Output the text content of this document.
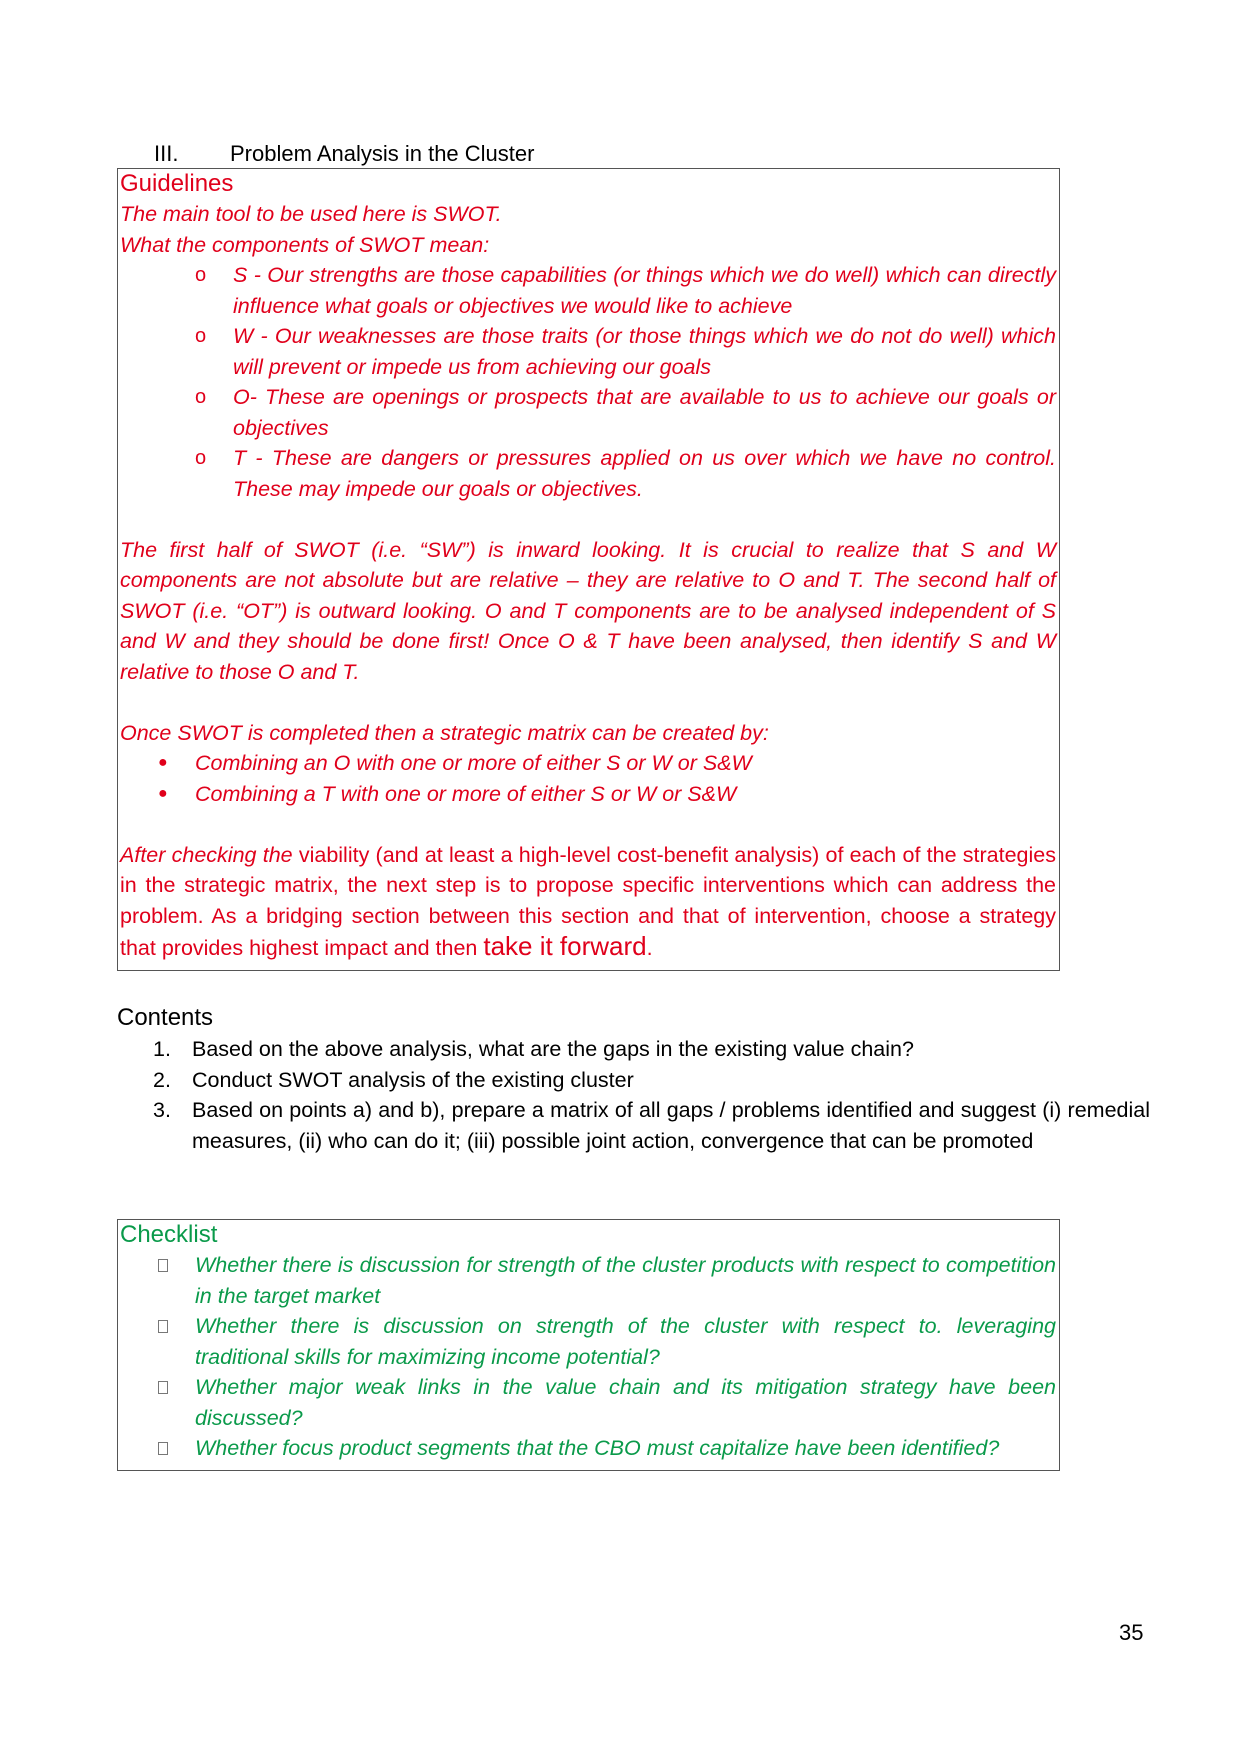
III. Problem Analysis in the Cluster
Guidelines
The main tool to be used here is SWOT.
What the components of SWOT mean:
o S - Our strengths are those capabilities (or things which we do well) which can directly influence what goals or objectives we would like to achieve
o W - Our weaknesses are those traits (or those things which we do not do well) which will prevent or impede us from achieving our goals
o O- These are openings or prospects that are available to us to achieve our goals or objectives
o T - These are dangers or pressures applied on us over which we have no control. These may impede our goals or objectives.
The first half of SWOT (i.e. “SW”) is inward looking. It is crucial to realize that S and W components are not absolute but are relative – they are relative to O and T. The second half of SWOT (i.e. “OT”) is outward looking. O and T components are to be analysed independent of S and W and they should be done first! Once O & T have been analysed, then identify S and W relative to those O and T.
Once SWOT is completed then a strategic matrix can be created by:
● Combining an O with one or more of either S or W or S&W
● Combining a T with one or more of either S or W or S&W
After checking the viability (and at least a high-level cost-benefit analysis) of each of the strategies in the strategic matrix, the next step is to propose specific interventions which can address the problem. As a bridging section between this section and that of intervention, choose a strategy that provides highest impact and then take it forward.
Contents
1. Based on the above analysis, what are the gaps in the existing value chain?
2. Conduct SWOT analysis of the existing cluster
3. Based on points a) and b), prepare a matrix of all gaps / problems identified and suggest (i) remedial measures, (ii) who can do it; (iii) possible joint action, convergence that can be promoted
Checklist
Whether there is discussion for strength of the cluster products with respect to competition in the target market
Whether there is discussion on strength of the cluster with respect to. leveraging traditional skills for maximizing income potential?
Whether major weak links in the value chain and its mitigation strategy have been discussed?
Whether focus product segments that the CBO must capitalize have been identified?
35
